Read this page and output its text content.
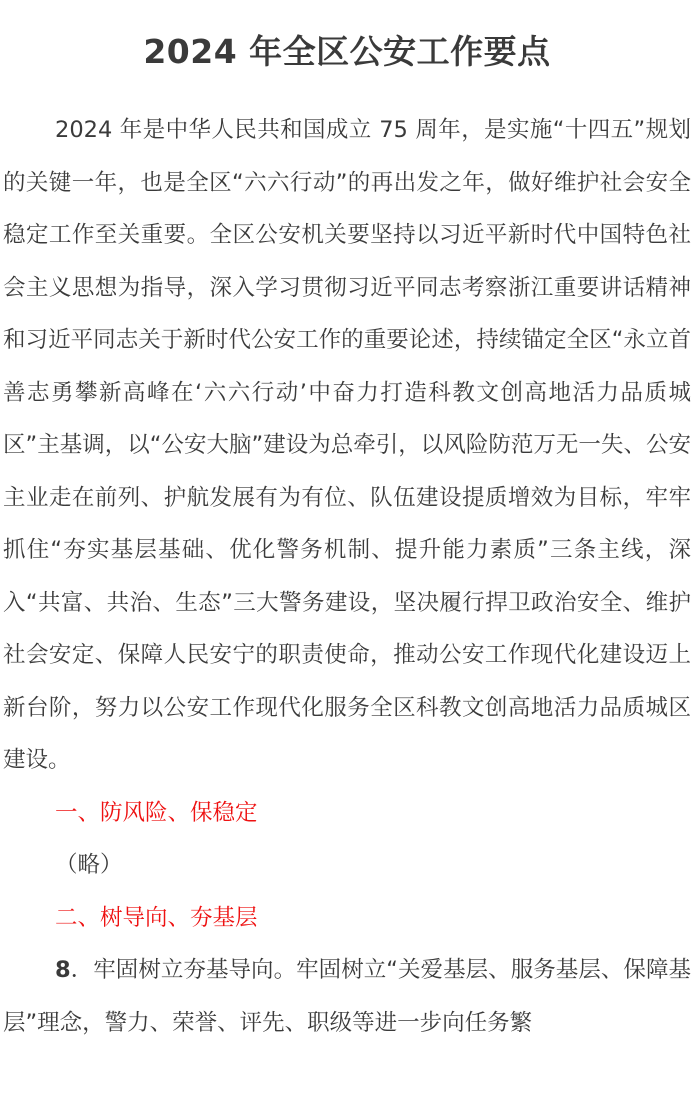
2024 年全区公安工作要点

2024 年是中华人民共和国成立 75 周年，是实施“十四五”规划的关键一年，也是全区“六六行动”的再出发之年，做好维护社会安全稳定工作至关重要。全区公安机关要坚持以习近平新时代中国特色社会主义思想为指导，深入学习贯彻习近平同志考察浙江重要讲话精神和习近平同志关于新时代公安工作的重要论述，持续锚定全区“永立首善志勇攀新高峰在‘六六行动’中奋力打造科教文创高地活力品质城区”主基调，以“公安大脑”建设为总牵引，以风险防范万无一失、公安主业走在前列、护航发展有为有位、队伍建设提质增效为目标，牢牢抓住“夯实基层基础、优化警务机制、提升能力素质”三条主线，深入“共富、共治、生态”三大警务建设，坚决履行捍卫政治安全、维护社会安定、保障人民安宁的职责使命，推动公安工作现代化建设迈上新台阶，努力以公安工作现代化服务全区科教文创高地活力品质城区建设。

一、防风险、保稳定

（略）

二、树导向、夯基层

8．牢固树立夯基导向。牢固树立“关爱基层、服务基层、保障基层”理念，警力、荣誉、评先、职级等进一步向任务繁
